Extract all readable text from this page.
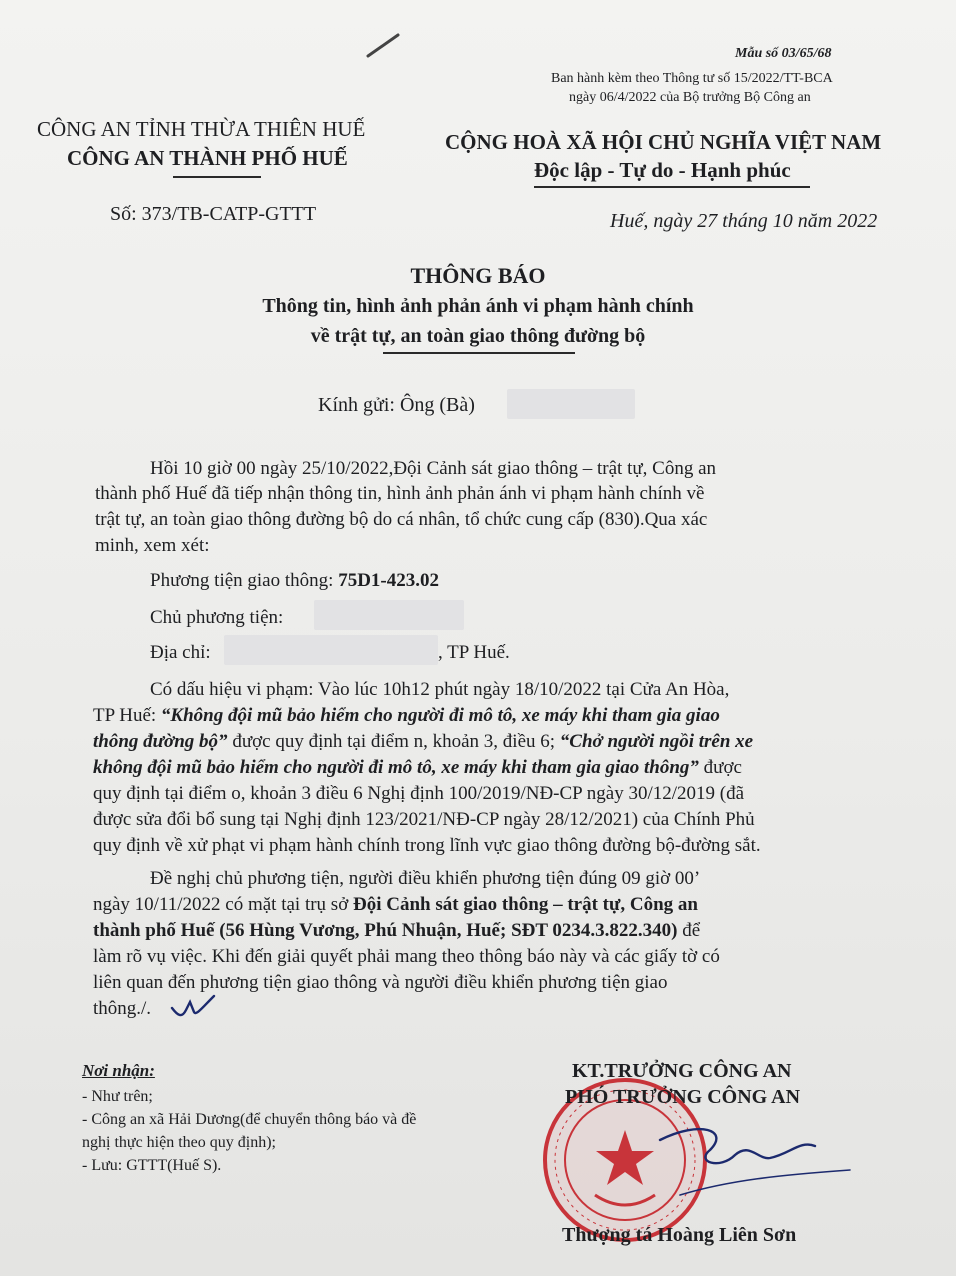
Mẫu số 03/65/68
Ban hành kèm theo Thông tư số 15/2022/TT-BCA
ngày 06/4/2022 của Bộ trưởng Bộ Công an
CÔNG AN TỈNH THỪA THIÊN HUẾ
CÔNG AN THÀNH PHỐ HUẾ
CỘNG HOÀ XÃ HỘI CHỦ NGHĨA VIỆT NAM
Độc lập - Tự do - Hạnh phúc
Số: 373/TB-CATP-GTTT	Huế, ngày 27 tháng 10 năm 2022
THÔNG BÁO
Thông tin, hình ảnh phản ánh vi phạm hành chính
về trật tự, an toàn giao thông đường bộ
Kính gửi: Ông (Bà)
Hồi 10 giờ 00 ngày 25/10/2022,Đội Cảnh sát giao thông – trật tự, Công an
thành phố Huế đã tiếp nhận thông tin, hình ảnh phản ánh vi phạm hành chính về
trật tự, an toàn giao thông đường bộ do cá nhân, tổ chức cung cấp (830).Qua xác
minh, xem xét:
Phương tiện giao thông: 75D1-423.02
Chủ phương tiện:
Địa chỉ:	, TP Huế.
Có dấu hiệu vi phạm: Vào lúc 10h12 phút ngày 18/10/2022 tại Cửa An Hòa,
TP Huế: “Không đội mũ bảo hiểm cho người đi mô tô, xe máy khi tham gia giao
thông đường bộ” được quy định tại điểm n, khoản 3, điều 6; “Chở người ngồi trên xe
không đội mũ bảo hiểm cho người đi mô tô, xe máy khi tham gia giao thông” được
quy định tại điểm o, khoản 3 điều 6 Nghị định 100/2019/NĐ-CP ngày 30/12/2019 (đã
được sửa đổi bổ sung tại Nghị định 123/2021/NĐ-CP ngày 28/12/2021) của Chính Phủ
quy định về xử phạt vi phạm hành chính trong lĩnh vực giao thông đường bộ-đường sắt.
Đề nghị chủ phương tiện, người điều khiển phương tiện đúng 09 giờ 00’
ngày 10/11/2022 có mặt tại trụ sở Đội Cảnh sát giao thông – trật tự, Công an
thành phố Huế (56 Hùng Vương, Phú Nhuận, Huế; SĐT 0234.3.822.340) để
làm rõ vụ việc. Khi đến giải quyết phải mang theo thông báo này và các giấy tờ có
liên quan đến phương tiện giao thông và người điều khiển phương tiện giao
thông./.
Nơi nhận:
- Như trên;
- Công an xã Hải Dương(để chuyển thông báo và đề
nghị thực hiện theo quy định);
- Lưu: GTTT(Huế S).
KT.TRƯỞNG CÔNG AN
PHÓ TRƯỞNG CÔNG AN
Thượng tá Hoàng Liên Sơn
